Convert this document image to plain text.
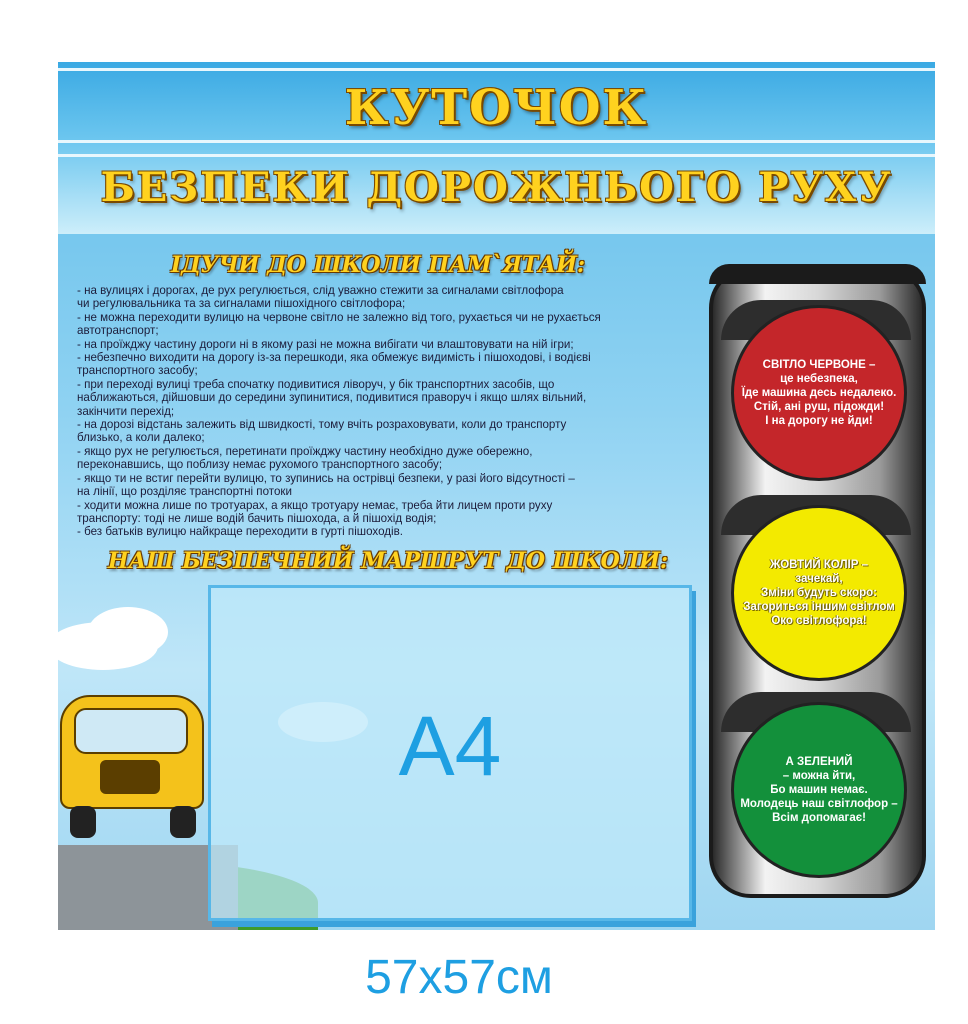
КУТОЧОК
БЕЗПЕКИ ДОРОЖНЬОГО РУХУ
ІДУЧИ ДО ШКОЛИ ПАМ`ЯТАЙ:
- на вулицях і дорогах, де рух регулюється, слід уважно стежити за сигналами світлофора
чи регулювальника та за сигналами пішохідного світлофора;
- не можна переходити вулицю на червоне світло не залежно від того, рухається чи не рухається
автотранспорт;
- на проїжджу частину дороги ні в якому разі не можна вибігати чи влаштовувати на ній ігри;
- небезпечно виходити на дорогу із-за перешкоди, яка обмежує видимість і пішоходові, і водієві
транспортного засобу;
- при переході вулиці треба спочатку подивитися ліворуч, у бік транспортних засобів, що
наближаються, дійшовши до середини зупинитися, подивитися праворуч і якщо шлях вільний,
закінчити перехід;
- на дорозі відстань залежить від швидкості, тому вчіть розраховувати, коли до транспорту
близько, а коли далеко;
- якщо рух не регулюється, перетинати проїжджу частину необхідно дуже обережно,
переконавшись, що поблизу немає рухомого транспортного засобу;
- якщо ти не встиг перейти вулицю, то зупинись на острівці безпеки, у разі його відсутності –
на лінії, що розділяє транспортні потоки
- ходити можна лише по тротуарах, а якщо тротуару немає, треба йти лицем проти руху
транспорту: тоді не лише водій бачить пішохода, а й пішохід водія;
- без батьків вулицю найкраще переходити в гурті пішоходів.
НАШ БЕЗПЕЧНИЙ МАРШРУТ ДО ШКОЛИ:
A4
СВІТЛО ЧЕРВОНЕ –
це небезпека,
Їде машина десь недалеко.
Стій, ані руш, підожди!
І на дорогу не йди!
ЖОВТИЙ КОЛІР –
зачекай,
Зміни будуть скоро:
Загориться іншим світлом
Око світлофора!
А ЗЕЛЕНИЙ
– можна йти,
Бо машин немає.
Молодець наш світлофор –
Всім допомагає!
57х57см
